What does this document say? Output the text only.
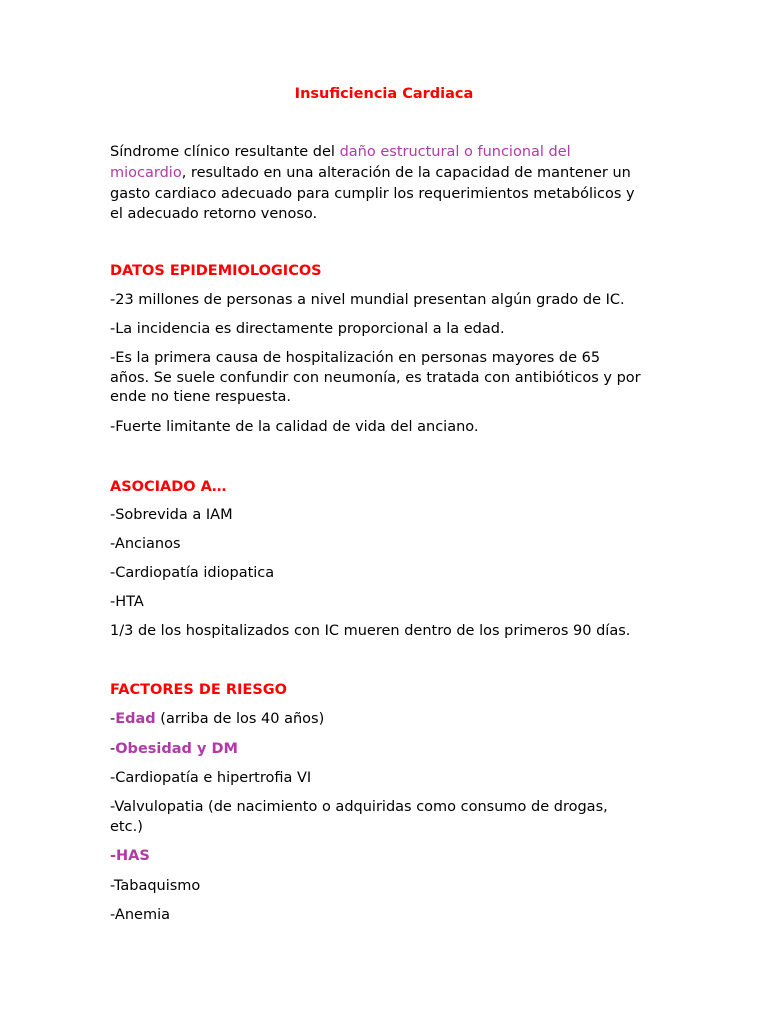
Insuficiencia Cardiaca

Síndrome clínico resultante del daño estructural o funcional del

miocardio, resultado en una alteración de la capacidad de mantener un

gasto cardiaco adecuado para cumplir los requerimientos metabólicos y

el adecuado retorno venoso.

DATOS EPIDEMIOLOGICOS

-23 millones de personas a nivel mundial presentan algún grado de IC.

-La incidencia es directamente proporcional a la edad.

-Es la primera causa de hospitalización en personas mayores de 65

años. Se suele confundir con neumonía, es tratada con antibióticos y por

ende no tiene respuesta.

-Fuerte limitante de la calidad de vida del anciano.

ASOCIADO A…

-Sobrevida a IAM

-Ancianos

-Cardiopatía idiopatica

-HTA

1/3 de los hospitalizados con IC mueren dentro de los primeros 90 días.

FACTORES DE RIESGO

-Edad (arriba de los 40 años)

-Obesidad y DM

-Cardiopatía e hipertrofia VI

-Valvulopatia (de nacimiento o adquiridas como consumo de drogas,

etc.)

-HAS

-Tabaquismo

-Anemia
